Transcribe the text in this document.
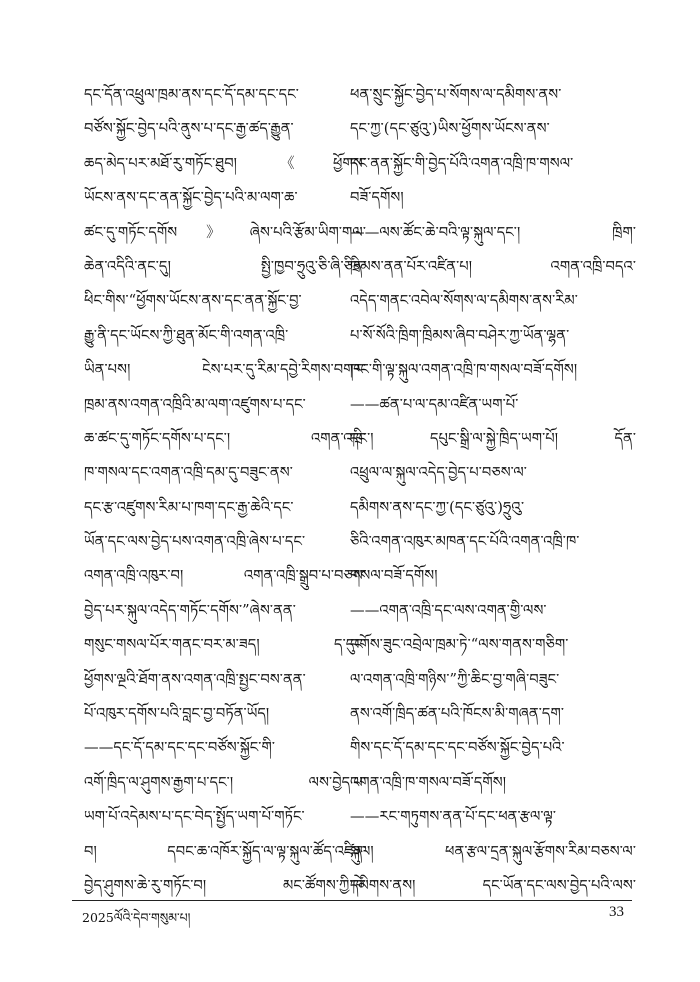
དང་དོན་འཕྲུལ་ཁྲམ་ནས་དང་དོ་དམ་དང་དང་
བཙོས་སྐྱོང་བྱེད་པའི་ནུས་པ་དང་རྒྱ་ཚད་རྒྱུན་
ཆད་མེད་པར་མཐོ་རུ་གཏོང་ཐུབ། 《ཕྱོགས་
ཡོངས་ནས་དང་ནན་སྐྱོང་བྱེད་པའི་མ་ལག་ཆ་
ཚང་དུ་གཏོང་དགོས》ཞེས་པའི་རྩོམ་ཡིག་གལ་
ཆེན་འདིའི་ནང་དུ། སྤྱི་ཁྱབ་ཧྲུའུ་ཅི་ཞི་ཅིན་
ཕིང་གིས་“ཕྱོགས་ཡོངས་ནས་དང་ནན་སྐྱོང་བྱ་
རྒྱུ་ནི་དང་ཡོངས་ཀྱི་ཐུན་མོང་གི་འགན་འཁྲི་
ཡིན་པས། ངེས་པར་དུ་རིམ་དབྱེ་རིགས་བགར་
ཁྲམ་ནས་འགན་འཁྲིའི་མ་ལག་འཛུགས་པ་དང་
ཆ་ཚང་དུ་གཏོང་དགོས་པ་དང་། འགན་འཁྲི་
ཁ་གསལ་དང་འགན་འཁྲི་དམ་དུ་བཟུང་ནས་
དང་རྩ་འཛུགས་རིམ་པ་ཁག་དང་རྒྱ་ཆེའི་དང་
ཡོན་དང་ལས་བྱེད་པས་འགན་འཁྲི་ཞེས་པ་དང་
འགན་འཁྲི་འཁུར་བ། འགན་འཁྲི་སྒྲུབ་པ་བཅས་
བྱེད་པར་སྐུལ་འདེད་གཏོང་དགོས་”ཞེས་ནན་
གསུང་གསལ་པོར་གནང་བར་མ་ཟད། ད་དུང་
ཕྱོགས་ལྔའི་ཐོག་ནས་འགན་འཁྲི་སྤྱང་བས་ནན་
པོ་འཁུར་དགོས་པའི་བླང་བྱ་བཏོན་ཡོད།
——དང་དོ་དམ་དང་དང་བཙོས་སྐྱོང་གི་
འགོ་ཁྲིད་ལ་ཤུགས་རྒྱག་པ་དང་། ལས་བྱེད་པ་
ཡག་པོ་འདེམས་པ་དང་བེད་སྤྱོད་ཡག་པོ་གཏོང་
བ། དབང་ཆ་འཁོར་སྐྱོད་ལ་ལྟ་སྐུལ་ཚོད་འཛིན་
བྱེད་ཤུགས་ཆེ་རུ་གཏོང་བ། མང་ཚོགས་ཀྱི་ཁེ་
ཕན་སྲུང་སྐྱོང་བྱེད་པ་སོགས་ལ་དམིགས་ནས་
དང་ཀྱ་(དང་ཙུའུ་)ཡིས་ཕྱོགས་ཡོངས་ནས་
དང་ནན་སྐྱོང་གི་བྱེད་པོའི་འགན་འཁྲི་ཁ་གསལ་
བཟོ་དགོས།
——ལས་ཚོང་ཆེ་བའི་ལྟ་སྐུལ་དང་། ཁྲིག་
ཁྲིམས་ནན་པོར་འཛིན་པ། འགན་འཁྲི་བདའ་
འདེད་གནང་འབེལ་སོགས་ལ་དམིགས་ནས་རིམ་
པ་སོ་སོའི་ཁྲིག་ཁྲིམས་ཞིབ་བཤེར་ཀྱ་ཡོན་ལྷན་
ཁང་གི་ལྟ་སྐུལ་འགན་འཁྲི་ཁ་གསལ་བཟོ་དགོས།
——ཚན་པ་ལ་དམ་འཛིན་ཡག་པོ་
དང་། དཔུང་སྒྲི་ལ་སྐྱེ་ཁྲིད་ཡག་པོ། དོན་
འཕྲུལ་ལ་སྐུལ་འདེད་བྱེད་པ་བཅས་ལ་
དམིགས་ནས་དང་ཀྱ་(དང་ཙུའུ་)ཧྲུའུ་
ཅིའི་འགན་འཁུར་མཁན་དང་པོའི་འགན་འཁྲི་ཁ་
གསལ་བཟོ་དགོས།
——འགན་འཁྲི་དང་ལས་འགན་གྱི་ལས་
བགོས་ཟུང་འབྲེལ་ཁྲམ་ཏེ་“ལས་གནས་གཅིག་
ལ་འགན་འཁྲི་གཉིས་”ཀྱི་ཆིང་བྱ་གཞི་བཟུང་
ནས་འགོ་ཁྲིད་ཚན་པའི་ཁོངས་མི་གཞན་དག་
གིས་དང་དོ་དམ་དང་དང་བཙོས་སྐྱོང་བྱེད་པའི་
འགན་འཁྲི་ཁ་གསལ་བཟོ་དགོས།
——རང་གཏུགས་ནན་པོ་དང་ཕན་རྩལ་ལྟ་
སྐུལ། ཕན་རྩལ་དྲན་སྐུལ་རྩོགས་རིམ་བཅས་ལ་
དམིགས་ནས། དང་ཡོན་དང་ལས་བྱེད་པའི་ལས་
2025ལོའི་དེབ་གསུམ་པ།	33
